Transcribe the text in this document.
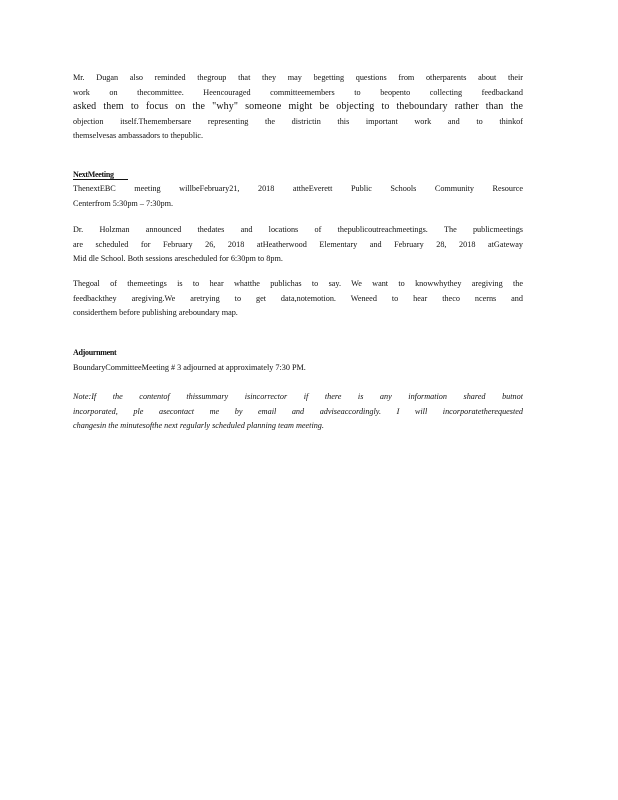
Mr. Dugan also reminded thegroup that they may begetting questions from otherparents about their
work on thecommittee. Heencouraged committeemembers to beopento collecting feedbackand
asked them to focus on the "why" someone might be objecting to theboundary rather than the
objection itself.Themembersare representing the districtin this important work and to thinkof
themselvesas ambassadors to thepublic.
NextMeeting
ThenextEBC meeting willbeFebruary21, 2018 attheEverett Public Schools Community Resource
Centerfrom 5:30pm – 7:30pm.
Dr. Holzman announced thedates and locations of thepublicoutreachmeetings. The publicmeetings
are scheduled for February 26, 2018 atHeatherwood Elementary and February 28, 2018 atGateway
Mid dle School. Both sessions arescheduled for 6:30pm to 8pm.
Thegoal of themeetings is to hear whatthe publichas to say. We want to knowwhythey aregiving the
feedbackthey aregiving.We aretrying to get data,notemotion. Weneed to hear theco ncerns and
considerthem before publishing areboundary map.
Adjournment
BoundaryCommitteeMeeting # 3 adjourned at approximately 7:30 PM.
Note:If the contentof thissummary isincorrector if there is any information shared butnot
incorporated, ple asecontact me by email and adviseaccordingly. I will incorporatetherequested
changesin the minutesofthe next regularly scheduled planning team meeting.
